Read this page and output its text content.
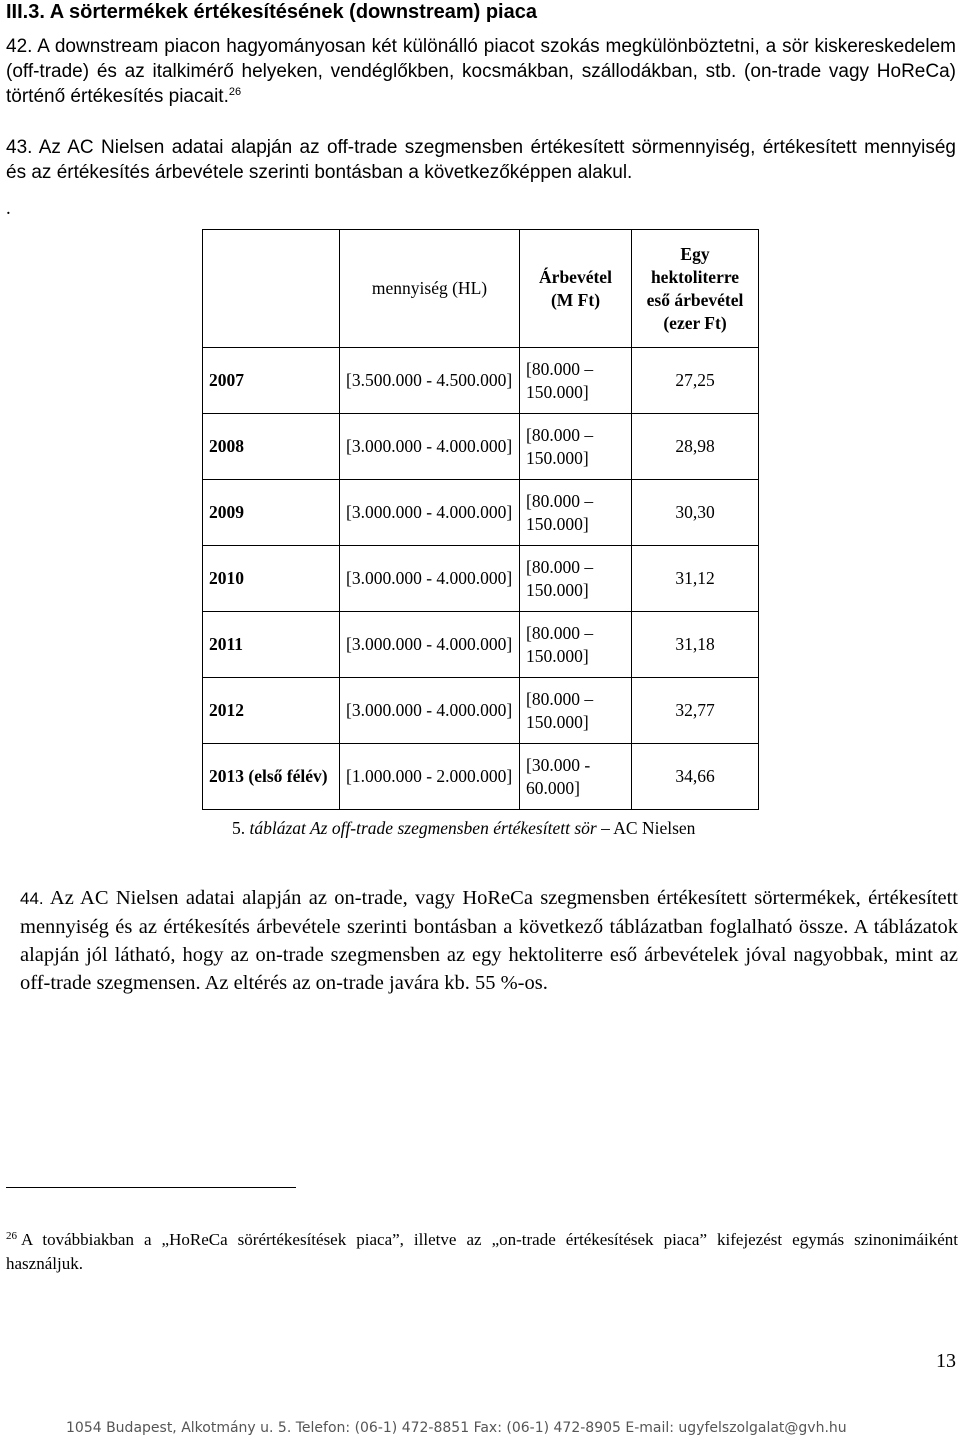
III.3. A sörtermékek értékesítésének (downstream) piaca

42. A downstream piacon hagyományosan két különálló piacot szokás megkülönböztetni, a sör kiskereskedelem (off-trade) és az italkimérő helyeken, vendéglőkben, kocsmákban, szállodákban, stb. (on-trade vagy HoReCa) történő értékesítés piacait.$^{26}$

43. Az AC Nielsen adatai alapján az off-trade szegmensben értékesített sörmennyiség, értékesített mennyiség és az értékesítés árbevétele szerinti bontásban a következőképpen alakul.

.
	mennyiség (HL)	Árbevétel (M Ft)	Egy hektoliterre eső árbevétel (ezer Ft)
2007	[3.500.000 - 4.500.000]	[80.000 – 150.000]	27,25
2008	[3.000.000 - 4.000.000]	[80.000 – 150.000]	28,98
2009	[3.000.000 - 4.000.000]	[80.000 – 150.000]	30,30
2010	[3.000.000 - 4.000.000]	[80.000 – 150.000]	31,12
2011	[3.000.000 - 4.000.000]	[80.000 – 150.000]	31,18
2012	[3.000.000 - 4.000.000]	[80.000 – 150.000]	32,77
2013 (első félév)	[1.000.000 - 2.000.000]	[30.000 - 60.000]	34,66
5. táblázat Az off-trade szegmensben értékesített sör – AC Nielsen

44. Az AC Nielsen adatai alapján az on-trade, vagy HoReCa szegmensben értékesített sörtermékek, értékesített mennyiség és az értékesítés árbevétele szerinti bontásban a következő táblázatban foglalható össze. A táblázatok alapján jól látható, hogy az on-trade szegmensben az egy hektoliterre eső árbevételek jóval nagyobbak, mint az off-trade szegmensen. Az eltérés az on-trade javára kb. 55 %-os.

$^{26}$ A továbbiakban a „HoReCa sörértékesítések piaca”, illetve az „on-trade értékesítések piaca” kifejezést egymás szinonimáiként használjuk.

13
1054 Budapest, Alkotmány u. 5. Telefon: (06-1) 472-8851 Fax: (06-1) 472-8905 E-mail: ugyfelszolgalat@gvh.hu
